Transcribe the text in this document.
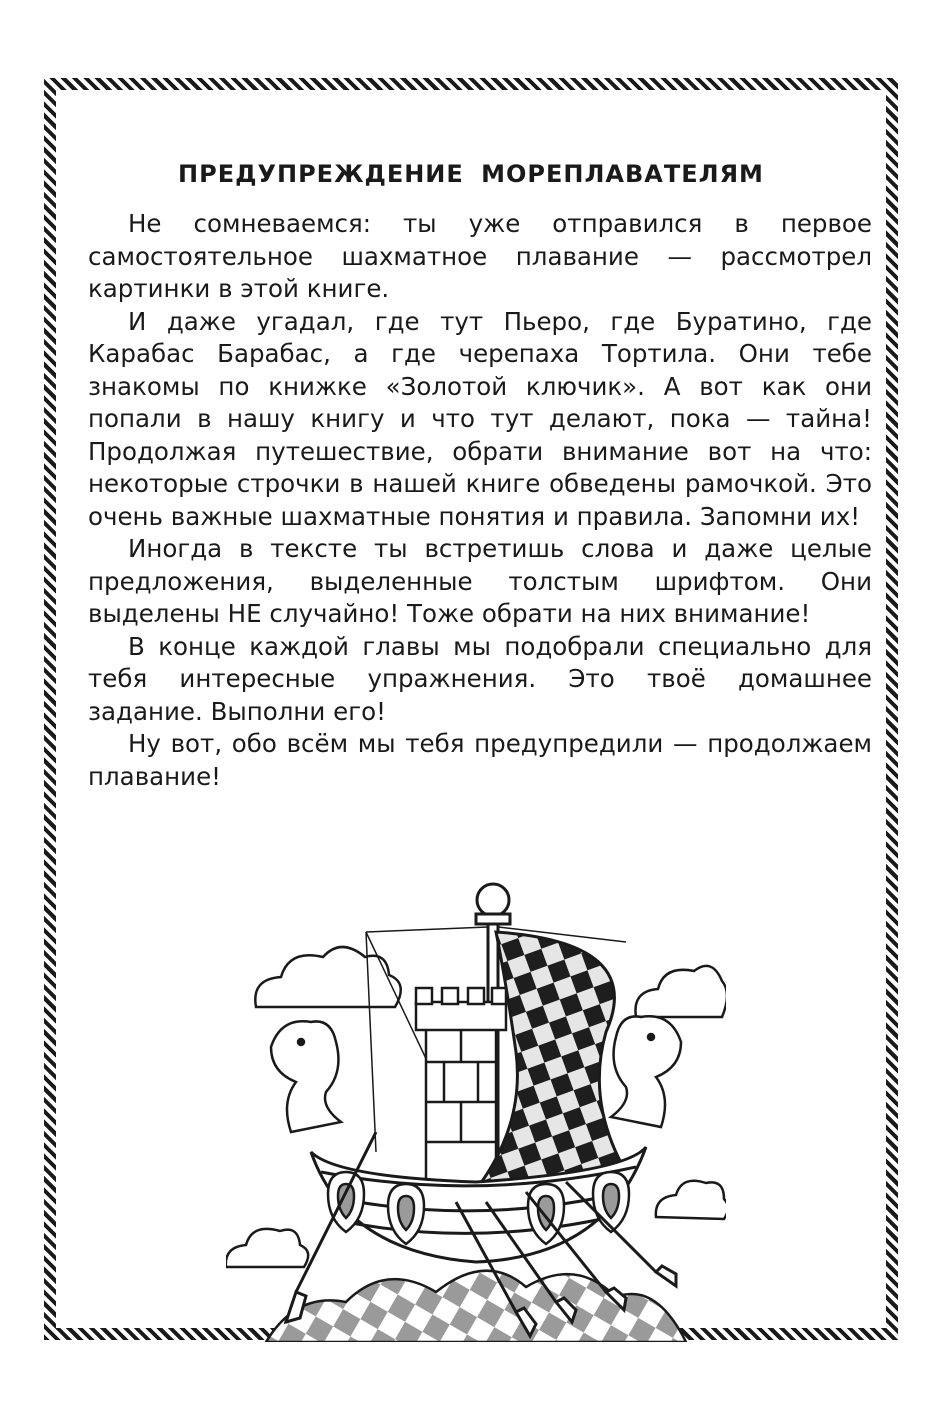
ПРЕДУПРЕЖДЕНИЕ МОРЕПЛАВАТЕЛЯМ

Не сомневаемся: ты уже отправился в первое самостоятельное шахматное плавание — рассмотрел картинки в этой книге.

И даже угадал, где тут Пьеро, где Буратино, где Карабас Барабас, а где черепаха Тортила. Они тебе знакомы по книжке «Золотой ключик». А вот как они попали в нашу книгу и что тут делают, пока — тайна! Продолжая путешествие, обрати внимание вот на что: некоторые строчки в нашей книге обведены рамочкой. Это очень важные шахматные понятия и правила. Запомни их!

Иногда в тексте ты встретишь слова и даже целые предложения, выделенные толстым шрифтом. Они выделены НЕ случайно! Тоже обрати на них внимание!

В конце каждой главы мы подобрали специально для тебя интересные упражнения. Это твоё домашнее задание. Выполни его!

Ну вот, обо всём мы тебя предупредили — продолжаем плавание!
